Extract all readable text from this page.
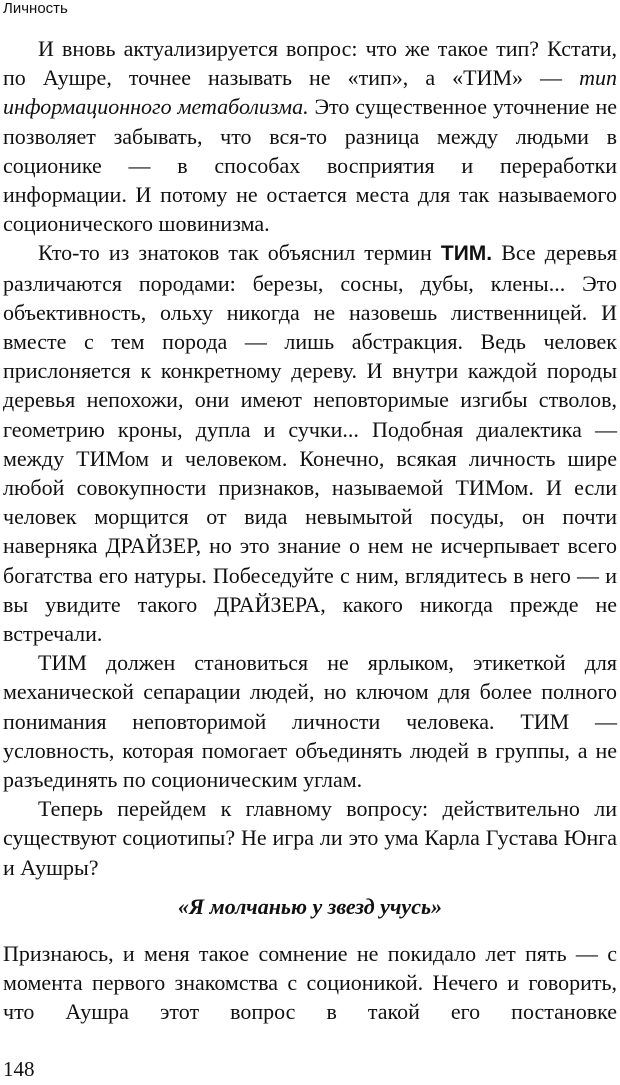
Личность

И вновь актуализируется вопрос: что же такое тип? Кстати, по Аушре, точнее называть не «тип», а «ТИМ» — тип информационного метаболизма. Это существенное уточнение не позволяет забывать, что вся-то разница между людьми в соционике — в способах восприятия и переработки информации. И потому не остается места для так называемого соционического шовинизма.

Кто-то из знатоков так объяснил термин ТИМ. Все деревья различаются породами: березы, сосны, дубы, клены... Это объективность, ольху никогда не назовешь лиственницей. И вместе с тем порода — лишь абстракция. Ведь человек прислоняется к конкретному дереву. И внутри каждой породы деревья непохожи, они имеют неповторимые изгибы стволов, геометрию кроны, дупла и сучки... Подобная диалектика — между ТИМом и человеком. Конечно, всякая личность шире любой совокупности признаков, называемой ТИМом. И если человек морщится от вида невымытой посуды, он почти наверняка ДРАЙЗЕР, но это знание о нем не исчерпывает всего богатства его натуры. Побеседуйте с ним, вглядитесь в него — и вы увидите такого ДРАЙЗЕРА, какого никогда прежде не встречали.

ТИМ должен становиться не ярлыком, этикеткой для механической сепарации людей, но ключом для более полного понимания неповторимой личности человека. ТИМ — условность, которая помогает объединять людей в группы, а не разъединять по соционическим углам.

Теперь перейдем к главному вопросу: действительно ли существуют социотипы? Не игра ли это ума Карла Густава Юнга и Аушры?

«Я молчанью у звезд учусь»

Признаюсь, и меня такое сомнение не покидало лет пять — с момента первого знакомства с соционикой. Нечего и говорить, что Аушра этот вопрос в такой его постановке

148
